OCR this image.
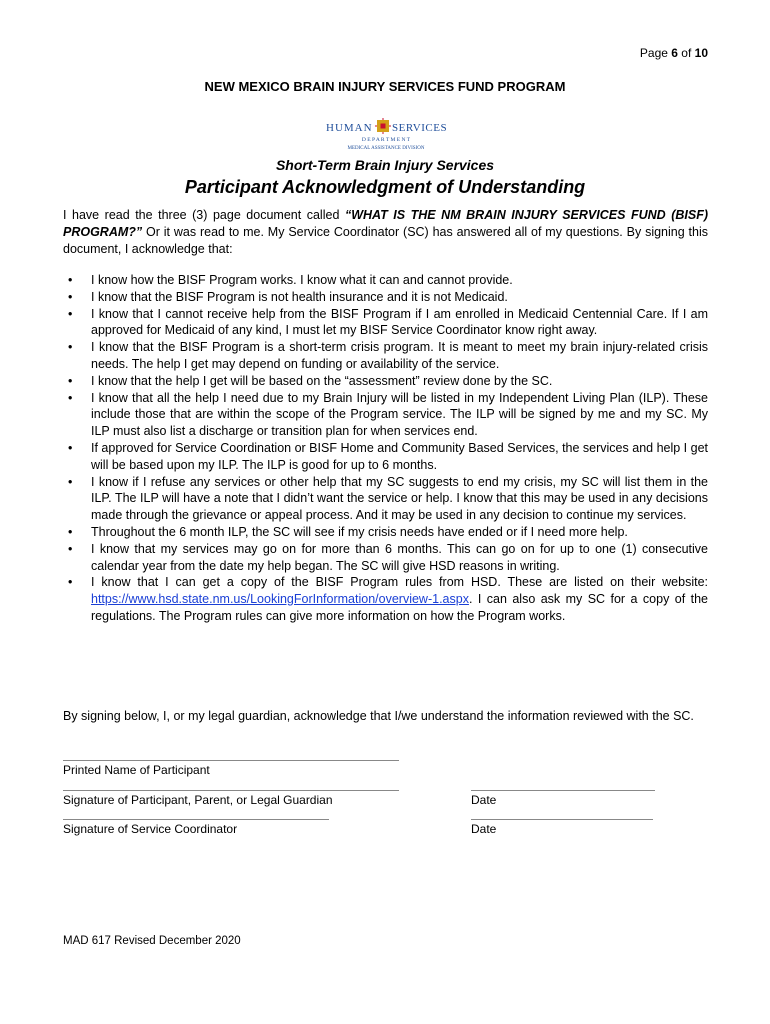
Page 6 of 10
NEW MEXICO BRAIN INJURY SERVICES FUND PROGRAM
HUMAN SERVICES
D E P A R T M E N T
MEDICAL ASSISTANCE DIVISION
Short-Term Brain Injury Services
Participant Acknowledgment of Understanding
I have read the three (3) page document called “WHAT IS THE NM BRAIN INJURY SERVICES FUND (BISF) PROGRAM?” Or it was read to me. My Service Coordinator (SC) has answered all of my questions. By signing this document, I acknowledge that:
• I know how the BISF Program works. I know what it can and cannot provide.
• I know that the BISF Program is not health insurance and it is not Medicaid.
• I know that I cannot receive help from the BISF Program if I am enrolled in Medicaid Centennial Care. If I am approved for Medicaid of any kind, I must let my BISF Service Coordinator know right away.
• I know that the BISF Program is a short-term crisis program. It is meant to meet my brain injury-related crisis needs. The help I get may depend on funding or availability of the service.
• I know that the help I get will be based on the “assessment” review done by the SC.
• I know that all the help I need due to my Brain Injury will be listed in my Independent Living Plan (ILP). These include those that are within the scope of the Program service. The ILP will be signed by me and my SC. My ILP must also list a discharge or transition plan for when services end.
• If approved for Service Coordination or BISF Home and Community Based Services, the services and help I get will be based upon my ILP. The ILP is good for up to 6 months.
• I know if I refuse any services or other help that my SC suggests to end my crisis, my SC will list them in the ILP. The ILP will have a note that I didn’t want the service or help. I know that this may be used in any decisions made through the grievance or appeal process. And it may be used in any decision to continue my services.
• Throughout the 6 month ILP, the SC will see if my crisis needs have ended or if I need more help.
• I know that my services may go on for more than 6 months. This can go on for up to one (1) consecutive calendar year from the date my help began. The SC will give HSD reasons in writing.
• I know that I can get a copy of the BISF Program rules from HSD. These are listed on their website: https://www.hsd.state.nm.us/LookingForInformation/overview-1.aspx. I can also ask my SC for a copy of the regulations. The Program rules can give more information on how the Program works.
By signing below, I, or my legal guardian, acknowledge that I/we understand the information reviewed with the SC.
Printed Name of Participant
Signature of Participant, Parent, or Legal Guardian	Date
Signature of Service Coordinator	Date
MAD 617 Revised December 2020
